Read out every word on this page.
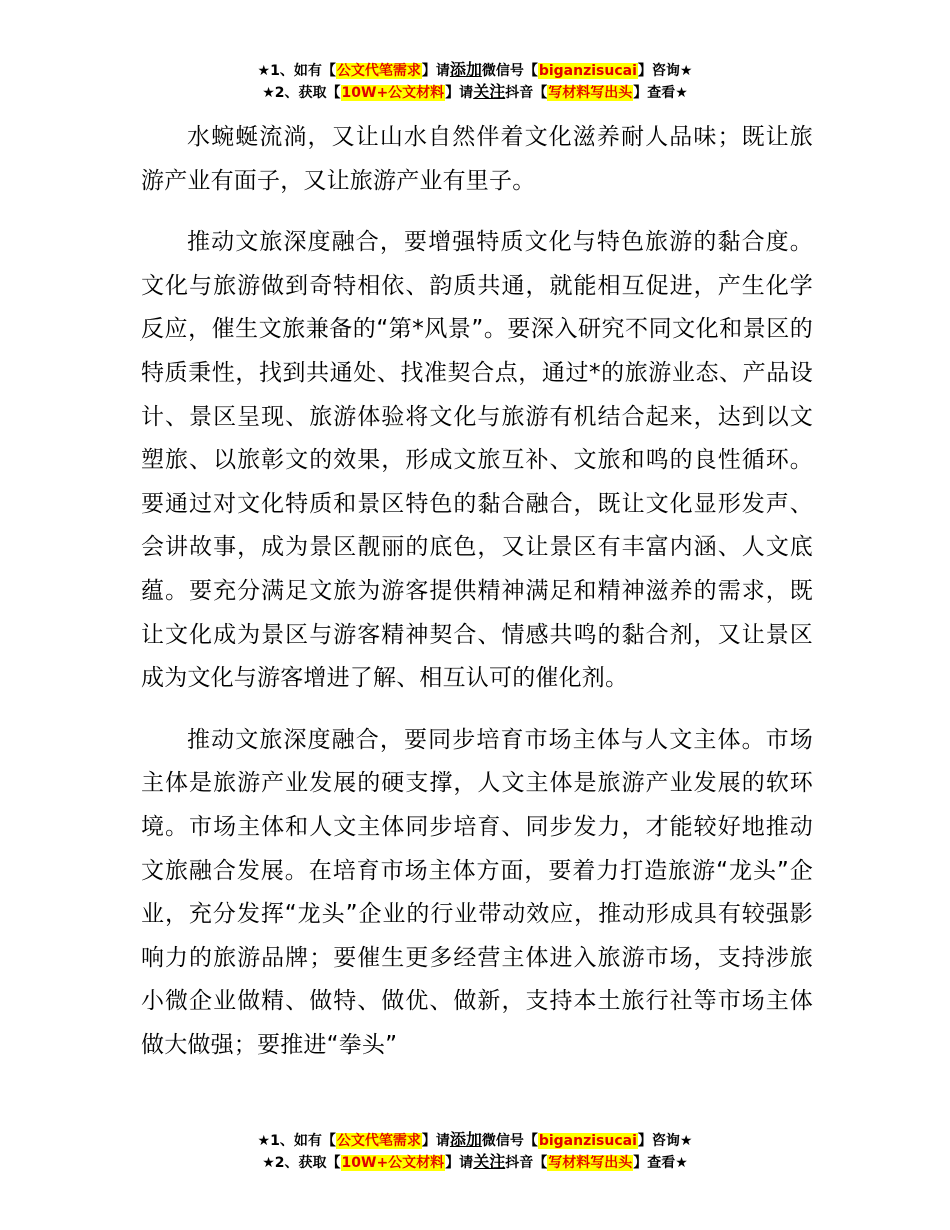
★1、如有【公文代笔需求】请添加微信号【biganzisucai】咨询★
★2、获取【10W+公文材料】请关注抖音【写材料写出头】查看★

水蜿蜒流淌，又让山水自然伴着文化滋养耐人品味；既让旅游产业有面子，又让旅游产业有里子。

推动文旅深度融合，要增强特质文化与特色旅游的黏合度。文化与旅游做到奇特相依、韵质共通，就能相互促进，产生化学反应，催生文旅兼备的“第*风景”。要深入研究不同文化和景区的特质秉性，找到共通处、找准契合点，通过*的旅游业态、产品设计、景区呈现、旅游体验将文化与旅游有机结合起来，达到以文塑旅、以旅彰文的效果，形成文旅互补、文旅和鸣的良性循环。要通过对文化特质和景区特色的黏合融合，既让文化显形发声、会讲故事，成为景区靓丽的底色，又让景区有丰富内涵、人文底蕴。要充分满足文旅为游客提供精神满足和精神滋养的需求，既让文化成为景区与游客精神契合、情感共鸣的黏合剂，又让景区成为文化与游客增进了解、相互认可的催化剂。

推动文旅深度融合，要同步培育市场主体与人文主体。市场主体是旅游产业发展的硬支撑，人文主体是旅游产业发展的软环境。市场主体和人文主体同步培育、同步发力，才能较好地推动文旅融合发展。在培育市场主体方面，要着力打造旅游“龙头”企业，充分发挥“龙头”企业的行业带动效应，推动形成具有较强影响力的旅游品牌；要催生更多经营主体进入旅游市场，支持涉旅小微企业做精、做特、做优、做新，支持本土旅行社等市场主体做大做强；要推进“拳头”

★1、如有【公文代笔需求】请添加微信号【biganzisucai】咨询★
★2、获取【10W+公文材料】请关注抖音【写材料写出头】查看★
